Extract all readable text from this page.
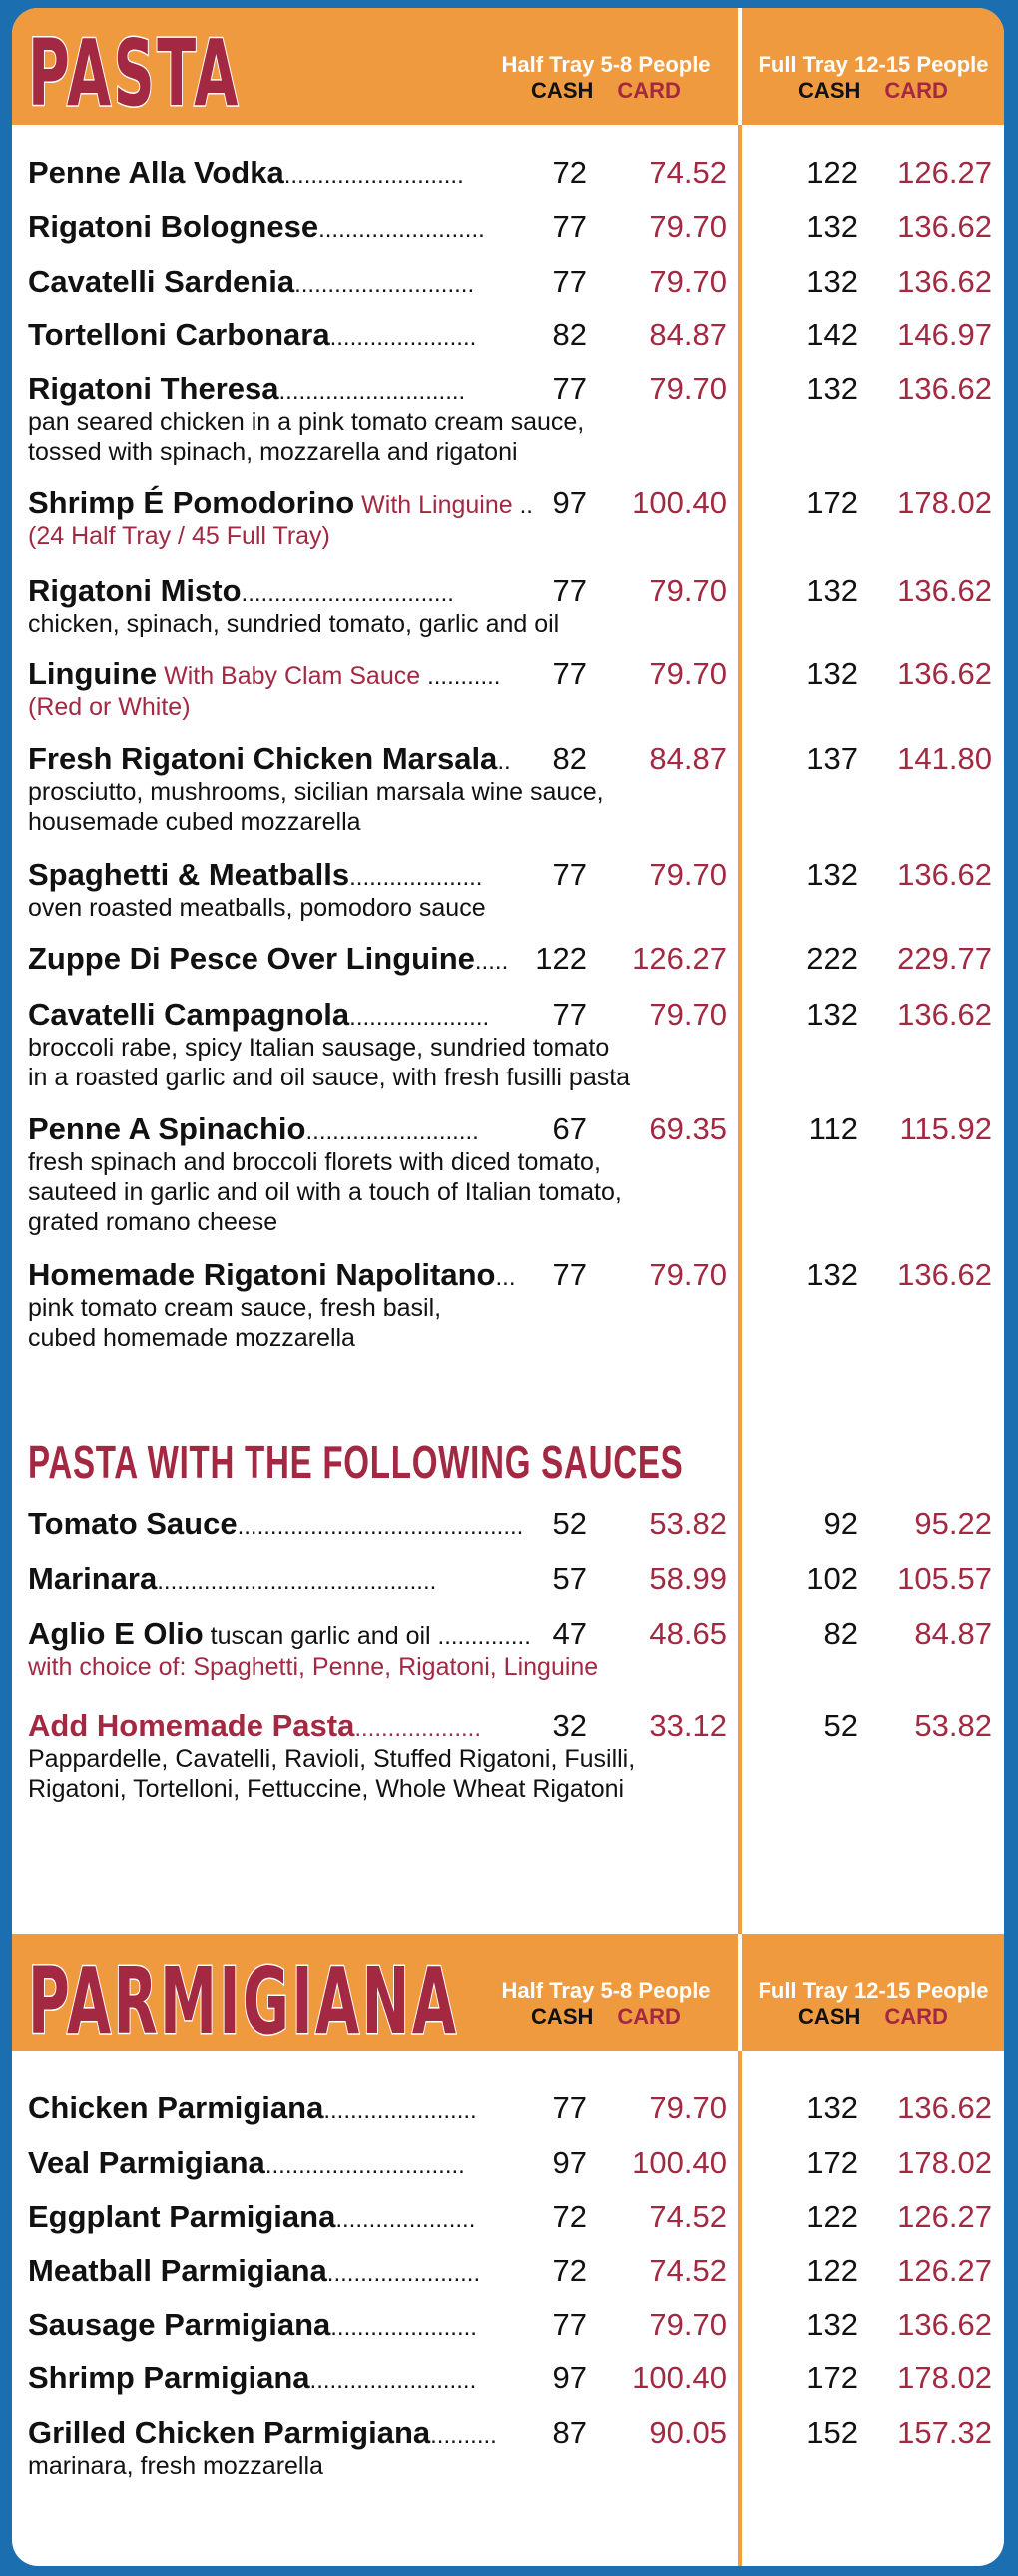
PASTA	Half Tray 5-8 People
CASH CARD
Full Tray 12-15 People
CASH CARD
Penne Alla Vodka...........................	72	74.52	122	126.27
Rigatoni Bolognese.........................	77	79.70	132	136.62
Cavatelli Sardenia...........................	77	79.70	132	136.62
Tortelloni Carbonara......................	82	84.87	142	146.97
Rigatoni Theresa............................	77	79.70	132	136.62
pan seared chicken in a pink tomato cream sauce,
tossed with spinach, mozzarella and rigatoni
Shrimp É Pomodorino With Linguine .. 97 100.40	172	178.02
(24 Half Tray / 45 Full Tray)
Rigatoni Misto................................	77	79.70	132	136.62
chicken, spinach, sundried tomato, garlic and oil
Linguine With Baby Clam Sauce ...........	77	79.70	132	136.62
(Red or White)
Fresh Rigatoni Chicken Marsala..	82	84.87	137	141.80
prosciutto, mushrooms, sicilian marsala wine sauce,
housemade cubed mozzarella
Spaghetti & Meatballs....................	77	79.70	132	136.62
oven roasted meatballs, pomodoro sauce
Zuppe Di Pesce Over Linguine..... 122 126.27	222	229.77
Cavatelli Campagnola.....................	77	79.70	132	136.62
broccoli rabe, spicy Italian sausage, sundried tomato
in a roasted garlic and oil sauce, with fresh fusilli pasta
Penne A Spinachio..........................	67	69.35	112	115.92
fresh spinach and broccoli florets with diced tomato,
sauteed in garlic and oil with a touch of Italian tomato,
grated romano cheese
Homemade Rigatoni Napolitano...	77	79.70	132	136.62
pink tomato cream sauce, fresh basil,
cubed homemade mozzarella
PASTA WITH THE FOLLOWING SAUCES
Tomato Sauce........................................... 52	53.82	92	95.22
Marinara..........................................	57	58.99	102	105.57
Aglio E Olio tuscan garlic and oil .............. 47	48.65	82	84.87
with choice of: Spaghetti, Penne, Rigatoni, Linguine
Add Homemade Pasta...................	32	33.12	52	53.82
Pappardelle, Cavatelli, Ravioli, Stuffed Rigatoni, Fusilli,
Rigatoni, Tortelloni, Fettuccine, Whole Wheat Rigatoni
PARMIGIANA	Half Tray 5-8 People
CASH CARD
Full Tray 12-15 People
CASH CARD
Chicken Parmigiana.......................	77	79.70	132	136.62
Veal Parmigiana..............................	97 100.40	172	178.02
Eggplant Parmigiana.....................	72	74.52	122	126.27
Meatball Parmigiana.......................	72	74.52	122	126.27
Sausage Parmigiana......................	77	79.70	132	136.62
Shrimp Parmigiana.........................	97 100.40	172	178.02
Grilled Chicken Parmigiana..........	87	90.05	152	157.32
marinara, fresh mozzarella
